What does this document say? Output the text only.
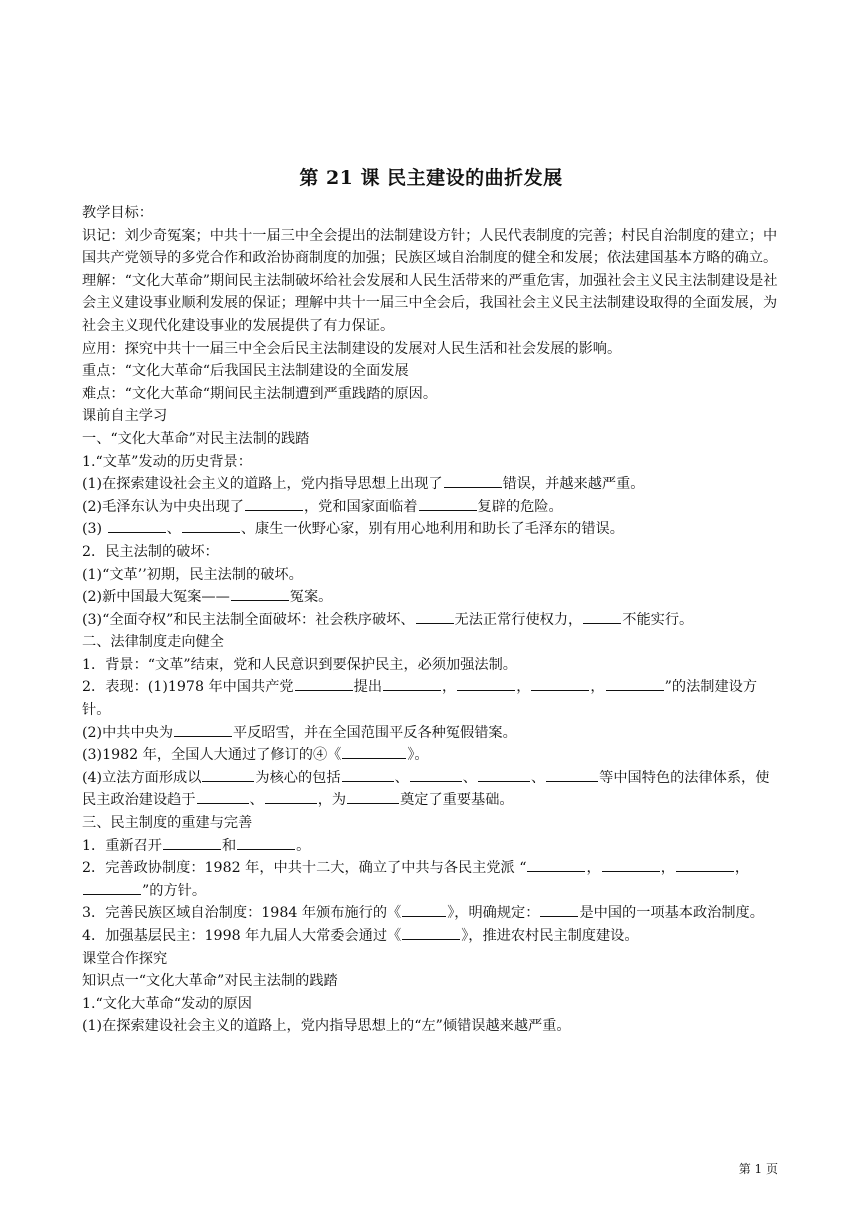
第 21 课 民主建设的曲折发展

教学目标：

识记：刘少奇冤案；中共十一届三中全会提出的法制建设方针；人民代表制度的完善；村民自治制度的建立；中国共产党领导的多党合作和政治协商制度的加强；民族区域自治制度的健全和发展；依法建国基本方略的确立。

理解：“文化大革命”期间民主法制破坏给社会发展和人民生活带来的严重危害，加强社会主义民主法制建设是社会主义建设事业顺利发展的保证；理解中共十一届三中全会后，我国社会主义民主法制建设取得的全面发展，为社会主义现代化建设事业的发展提供了有力保证。

应用：探究中共十一届三中全会后民主法制建设的发展对人民生活和社会发展的影响。

重点：“文化大革命“后我国民主法制建设的全面发展

难点：“文化大革命“期间民主法制遭到严重践踏的原因。

课前自主学习

一、“文化大革命”对民主法制的践踏

1.“文革”发动的历史背景：

(1)在探索建设社会主义的道路上，党内指导思想上出现了	错误，并越来越严重。

(2)毛泽东认为中央出现了	，党和国家面临着	复辟的危险。

(3)	、	、康生一伙野心家，别有用心地利用和助长了毛泽东的错误。

2．民主法制的破坏：

(1)“文革’’初期，民主法制的破坏。

(2)新中国最大冤案——	冤案。

(3)“全面夺权”和民主法制全面破坏：社会秩序破坏、	无法正常行使权力，	不能实行。

二、法律制度走向健全

1．背景：“文革”结束，党和人民意识到要保护民主，必须加强法制。

2．表现：(1)1978 年中国共产党	提出	，	，	，	”的法制建设方针。

(2)中共中央为	平反昭雪，并在全国范围平反各种冤假错案。

(3)1982 年，全国人大通过了修订的④《	》。

(4)立法方面形成以	为核心的包括	、	、	、	等中国特色的法律体系，使民主政治建设趋于	、	，为	奠定了重要基础。

三、民主制度的重建与完善

1．重新召开	和	。

2．完善政协制度：1982 年，中共十二大，确立了中共与各民主党派 “	，	，	，”的方针。

3．完善民族区域自治制度：1984 年颁布施行的《	》，明确规定：	是中国的一项基本政治制度。

4．加强基层民主：1998 年九届人大常委会通过《	》，推进农村民主制度建设。

课堂合作探究

知识点一“文化大革命”对民主法制的践踏

1.“文化大革命“发动的原因

(1)在探索建设社会主义的道路上，党内指导思想上的“左”倾错误越来越严重。

第 1 页
